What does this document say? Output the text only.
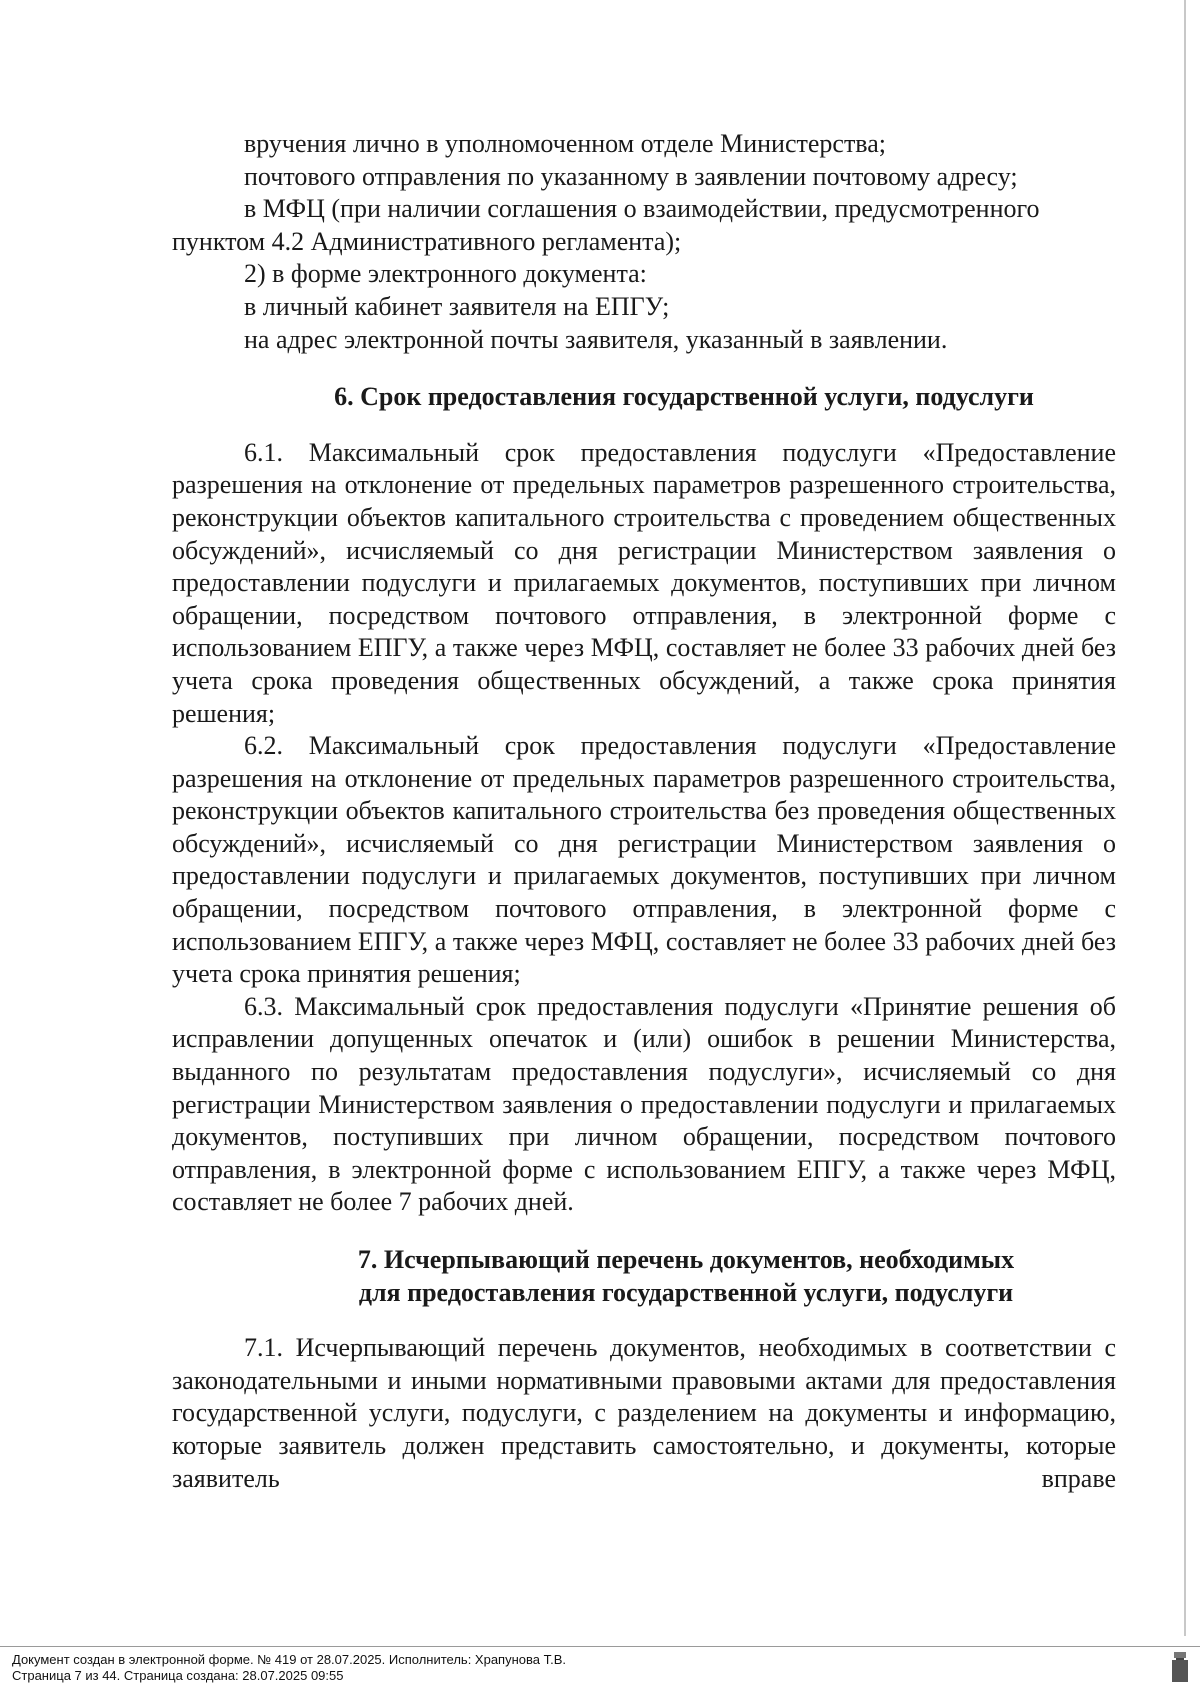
вручения лично в уполномоченном отделе Министерства;

почтового отправления по указанному в заявлении почтовому адресу;

в МФЦ (при наличии соглашения о взаимодействии, предусмотренного

пунктом 4.2 Административного регламента);

2) в форме электронного документа:

в личный кабинет заявителя на ЕПГУ;

на адрес электронной почты заявителя, указанный в заявлении.

6. Срок предоставления государственной услуги, подуслуги

6.1. Максимальный срок предоставления подуслуги «Предоставление разрешения на отклонение от предельных параметров разрешенного строительства, реконструкции объектов капитального строительства с проведением общественных обсуждений», исчисляемый со дня регистрации Министерством заявления о предоставлении подуслуги и прилагаемых документов, поступивших при личном обращении, посредством почтового отправления, в электронной форме с использованием ЕПГУ, а также через МФЦ, составляет не более 33 рабочих дней без учета срока проведения общественных обсуждений, а также срока принятия решения;

6.2. Максимальный срок предоставления подуслуги «Предоставление разрешения на отклонение от предельных параметров разрешенного строительства, реконструкции объектов капитального строительства без проведения общественных обсуждений», исчисляемый со дня регистрации Министерством заявления о предоставлении подуслуги и прилагаемых документов, поступивших при личном обращении, посредством почтового отправления, в электронной форме с использованием ЕПГУ, а также через МФЦ, составляет не более 33 рабочих дней без учета срока принятия решения;

6.3. Максимальный срок предоставления подуслуги «Принятие решения об исправлении допущенных опечаток и (или) ошибок в решении Министерства, выданного по результатам предоставления подуслуги», исчисляемый со дня регистрации Министерством заявления о предоставлении подуслуги и прилагаемых документов, поступивших при личном обращении, посредством почтового отправления, в электронной форме с использованием ЕПГУ, а также через МФЦ, составляет не более 7 рабочих дней.

7. Исчерпывающий перечень документов, необходимых
для предоставления государственной услуги, подуслуги

7.1. Исчерпывающий перечень документов, необходимых в соответствии с законодательными и иными нормативными правовыми актами для предоставления государственной услуги, подуслуги, с разделением на документы и информацию, которые заявитель должен представить самостоятельно, и документы, которые заявитель вправе

Документ создан в электронной форме. № 419 от 28.07.2025. Исполнитель: Храпунова Т.В.
Страница 7 из 44. Страница создана: 28.07.2025 09:55
